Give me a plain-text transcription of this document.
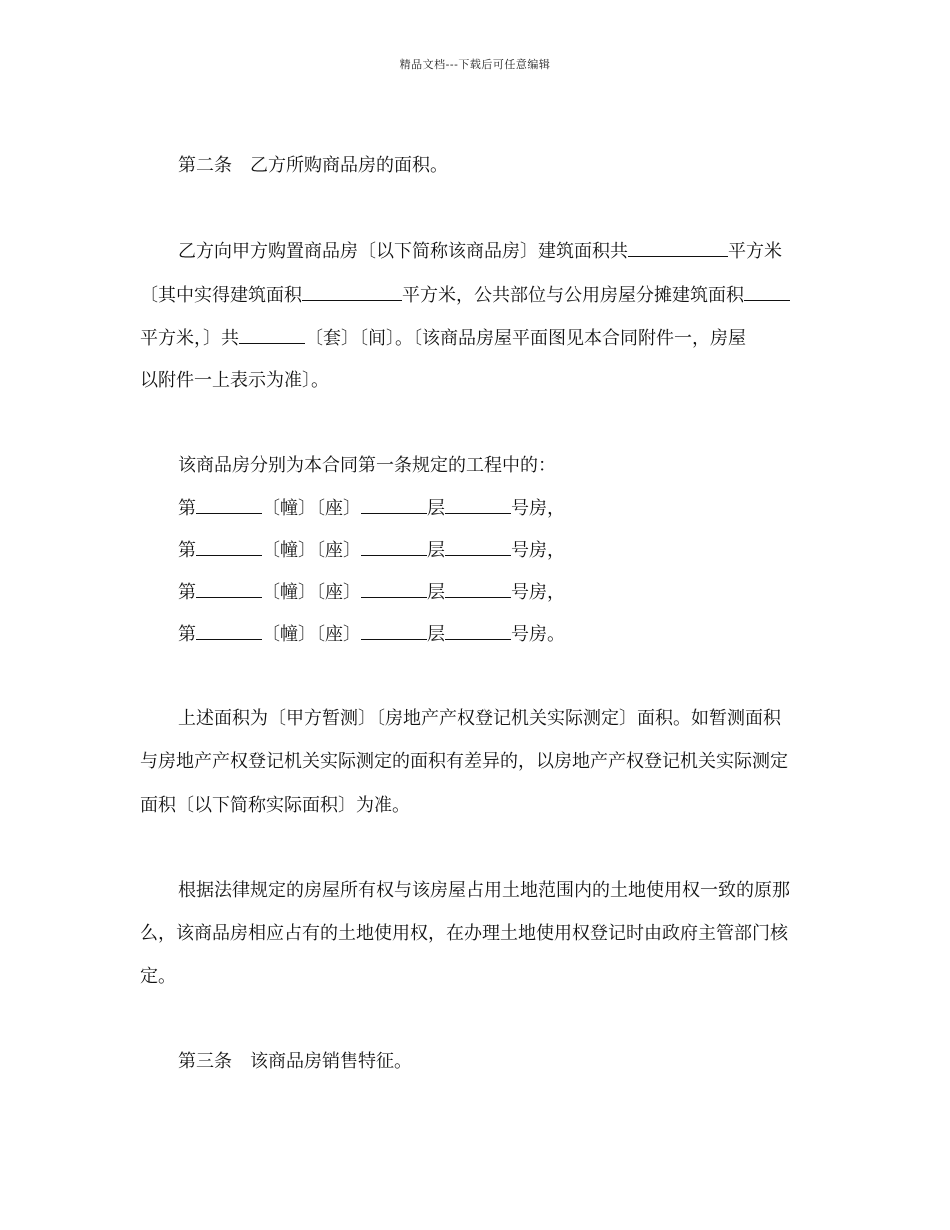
精品文档---下载后可任意编辑
第二条　乙方所购商品房的面积。
乙方向甲方购置商品房〔以下简称该商品房〕建筑面积共	平方米
〔其中实得建筑面积	平方米，公共部位与公用房屋分摊建筑面积
平方米，〕共	〔套〕〔间〕。〔该商品房屋平面图见本合同附件一，房屋
以附件一上表示为准〕。
该商品房分别为本合同第一条规定的工程中的：
第	〔幢〕〔座〕	层	号房，
第	〔幢〕〔座〕	层	号房，
第	〔幢〕〔座〕	层	号房，
第	〔幢〕〔座〕	层	号房。
上述面积为〔甲方暂测〕〔房地产产权登记机关实际测定〕面积。如暂测面积
与房地产产权登记机关实际测定的面积有差异的，以房地产产权登记机关实际测定
面积〔以下简称实际面积〕为准。
根据法律规定的房屋所有权与该房屋占用土地范围内的土地使用权一致的原那
么，该商品房相应占有的土地使用权，在办理土地使用权登记时由政府主管部门核
定。
第三条　该商品房销售特征。
